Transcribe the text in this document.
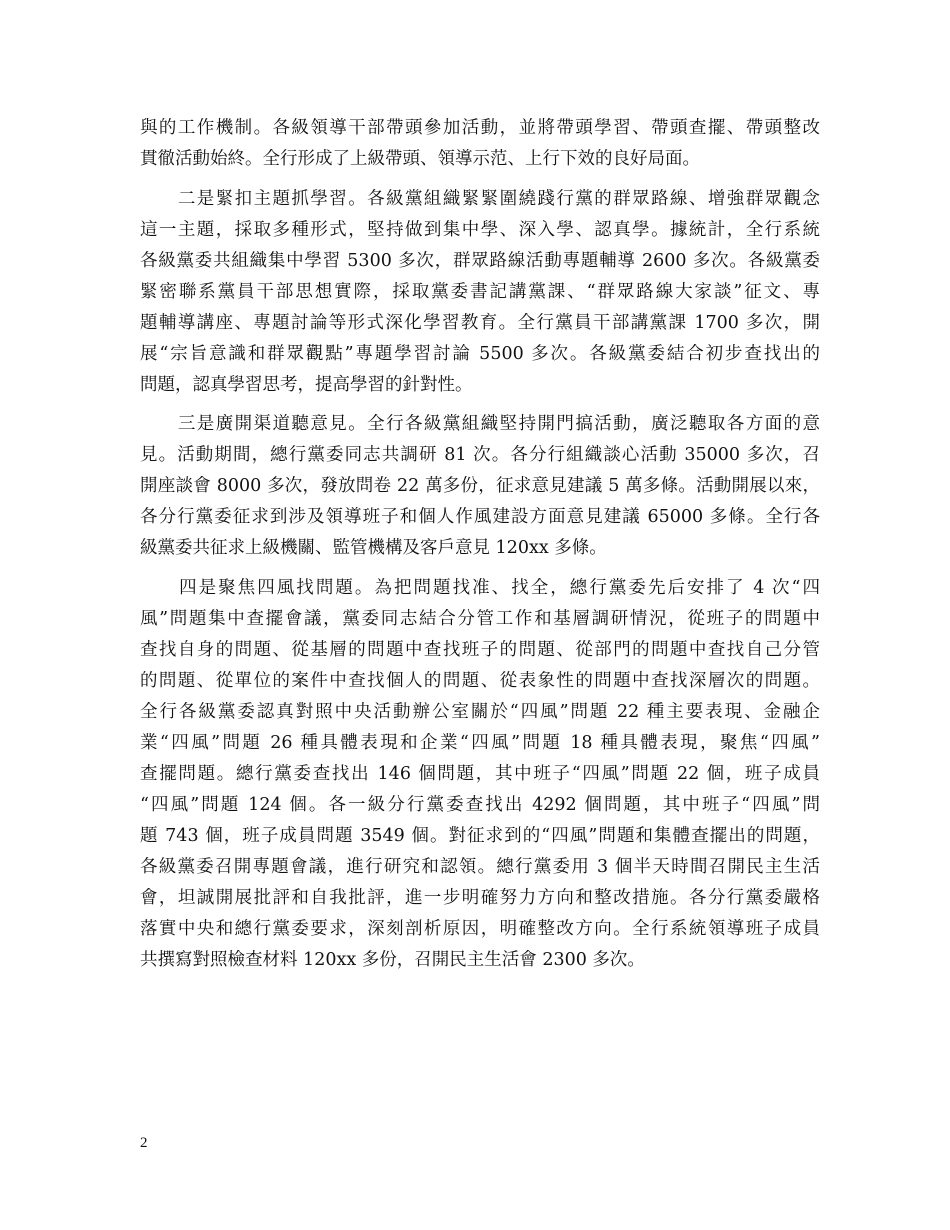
與的工作機制。各級領導干部帶頭參加活動，並將帶頭學習、帶頭查擺、帶頭整改
貫徹活動始終。全行形成了上級帶頭、領導示范、上行下效的良好局面。
　　二是緊扣主題抓學習。各級黨組織緊緊圍繞踐行黨的群眾路線、增強群眾觀念
這一主題，採取多種形式，堅持做到集中學、深入學、認真學。據統計，全行系統
各級黨委共組織集中學習 5300 多次，群眾路線活動專題輔導 2600 多次。各級黨委
緊密聯系黨員干部思想實際，採取黨委書記講黨課、“群眾路線大家談”征文、專
題輔導講座、專題討論等形式深化學習教育。全行黨員干部講黨課 1700 多次，開
展“宗旨意識和群眾觀點”專題學習討論 5500 多次。各級黨委結合初步查找出的
問題，認真學習思考，提高學習的針對性。
　　三是廣開渠道聽意見。全行各級黨組織堅持開門搞活動，廣泛聽取各方面的意
見。活動期間，總行黨委同志共調研 81 次。各分行組織談心活動 35000 多次，召
開座談會 8000 多次，發放問卷 22 萬多份，征求意見建議 5 萬多條。活動開展以來，
各分行黨委征求到涉及領導班子和個人作風建設方面意見建議 65000 多條。全行各
級黨委共征求上級機關、監管機構及客戶意見 120xx 多條。
　　四是聚焦四風找問題。為把問題找准、找全，總行黨委先后安排了 4 次“四
風”問題集中查擺會議，黨委同志結合分管工作和基層調研情況，從班子的問題中
查找自身的問題、從基層的問題中查找班子的問題、從部門的問題中查找自己分管
的問題、從單位的案件中查找個人的問題、從表象性的問題中查找深層次的問題。
全行各級黨委認真對照中央活動辦公室關於“四風”問題 22 種主要表現、金融企
業“四風”問題 26 種具體表現和企業“四風”問題 18 種具體表現，聚焦“四風”
查擺問題。總行黨委查找出 146 個問題，其中班子“四風”問題 22 個，班子成員
“四風”問題 124 個。各一級分行黨委查找出 4292 個問題，其中班子“四風”問
題 743 個，班子成員問題 3549 個。對征求到的“四風”問題和集體查擺出的問題，
各級黨委召開專題會議，進行研究和認領。總行黨委用 3 個半天時間召開民主生活
會，坦誠開展批評和自我批評，進一步明確努力方向和整改措施。各分行黨委嚴格
落實中央和總行黨委要求，深刻剖析原因，明確整改方向。全行系統領導班子成員
共撰寫對照檢查材料 120xx 多份，召開民主生活會 2300 多次。
2
